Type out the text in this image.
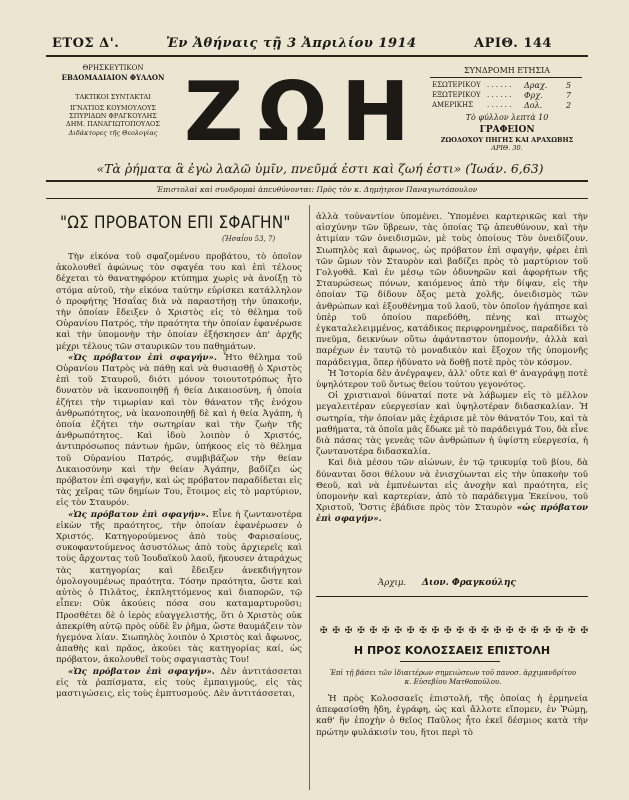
ΕΤΟΣ Δ'.	Ἐν Ἀθήναις τῇ 3 Ἀπριλίου 1914	ΑΡΙΘ. 144
ΘΡΗΣΚΕΥΤΙΚΟΝ
ΕΒΔΟΜΑΔΙΑΙΟΝ ΦΥΛΛΟΝ
ΤΑΚΤΙΚΟΙ ΣΥΝΤΑΚΤΑΙ
ΙΓΝΑΤΙΟΣ ΚΟΥΜΟΥΛΟΥΣ
ΣΠΥΡΙΔΩΝ ΦΡΑΓΚΟΥΛΗΣ
ΔΗΜ. ΠΑΝΑΓΙΩΤΟΠΟΥΛΟΣ
Διδάκτορες τῆς Θεολογίας ΖΩΗ	ΣΥΝΔΡΟΜΗ ΕΤΗΣΙΑ
ΕΣΩΤΕΡΙΚΟΥ . . . . . . Δραχ. 5
ΕΞΩΤΕΡΙΚΟΥ . . . . . . Φρχ.	7
ΑΜΕΡΙΚΗΣ . . . . . . Δολ.	2
Τὸ φύλλον λεπτὰ 10
ΓΡΑΦΕΙΟΝ
ΖΩΟΔΟΧΟΥ ΠΗΓΗΣ ΚΑΙ ΑΡΑΧΩΒΗΣ
ΑΡΙΘ. 30.
«Τὰ ῥήματα ἃ ἐγὼ λαλῶ ὑμῖν, πνεῦμά ἐστι καὶ ζωή ἐστι» (Ἰωάν. 6,63)
Ἐπιστολαὶ καὶ συνδρομαὶ ἀπευθύνονται: Πρὸς τὸν κ. Δημήτριον Παναγιωτόπουλον
"ΩΣ ΠΡΟΒΑΤΟΝ ΕΠΙ ΣΦΑΓΗΝ"
(Ἡσαΐου 53, 7)

Τὴν εἰκόνα τοῦ σφαζομένου προβάτου, τὸ ὁποῖον ἀκολουθεῖ ἀφώνως τὸν σφαγέα του καὶ ἐπὶ τέλους δέχεται τὸ θανατηφόρον κτύπημα χωρὶς νὰ ἀνοίξῃ τὸ στόμα αὐτοῦ, τὴν εἰκόνα ταύτην εὑρίσκει κατάλληλον ὁ προφήτης Ἡσαΐας διὰ νὰ παραστήσῃ τὴν ὑπακοήν, τὴν ὁποίαν ἔδειξεν ὁ Χριστὸς εἰς τὸ θέλημα τοῦ Οὐρανίου Πατρός, τὴν πραότητα τὴν ὁποίαν ἐφανέρωσε καὶ τὴν ὑπομονὴν τὴν ὁποίαν ἐξήσκησεν ἀπ' ἀρχῆς μέχρι τέλους τῶν σταυρικῶν του παθημάτων.

«Ὡς πρόβατον ἐπὶ σφαγήν». Ἦτο θέλημα τοῦ Οὐρανίου Πατρὸς νὰ πάθῃ καὶ νὰ θυσιασθῇ ὁ Χριστὸς ἐπὶ τοῦ Σταυροῦ, διότι μόνον τοιουτοτρόπως ἦτο δυνατὸν νὰ ἱκανοποιηθῇ ἡ θεία Δικαιοσύνη, ἡ ὁποία ἐζήτει τὴν τιμωρίαν καὶ τὸν θάνατον τῆς ἐνόχου ἀνθρωπότητος, νὰ ἱκανοποιηθῇ δὲ καὶ ἡ θεία Ἀγάπη, ἡ ὁποία ἐζήτει τὴν σωτηρίαν καὶ τὴν ζωὴν τῆς ἀνθρωπότητος. Καὶ ἰδοὺ λοιπὸν ὁ Χριστός, ἀντιπρόσωπος πάντων ἡμῶν, ὑπήκοος εἰς τὸ θέλημα τοῦ Οὐρανίου Πατρός, συμβιβάζων τὴν θείαν Δικαιοσύνην καὶ τὴν θείαν Ἀγάπην, βαδίζει ὡς πρόβατον ἐπὶ σφαγήν, καὶ ὡς πρόβατον παραδίδεται εἰς τὰς χεῖρας τῶν δημίων Του, ἕτοιμος εἰς τὸ μαρτύριον, εἰς τὸν Σταυρόν.

«Ὡς πρόβατον ἐπὶ σφαγήν». Εἶνε ἡ ζωντανοτέρα εἰκὼν τῆς πραότητος, τὴν ὁποίαν ἐφανέρωσεν ὁ Χριστός. Κατηγορούμενος ἀπὸ τοὺς Φαρισαίους, συκοφαντούμενος ἀσυστόλως ἀπὸ τοὺς ἀρχιερεῖς καὶ τοὺς ἄρχοντας τοῦ Ἰουδαϊκοῦ λαοῦ, ἤκουσεν ἀταράχως τὰς κατηγορίας καὶ ἔδειξεν ἀνεκδιήγητον ὁμολογουμένως πραότητα. Τόσην πραότητα, ὥστε καὶ αὐτὸς ὁ Πιλᾶτος, ἐκπληττόμενος καὶ διαπορῶν, τῷ εἶπεν: Οὐκ ἀκούεις πόσα σου καταμαρτυροῦσι; Προσθέτει δὲ ὁ ἱερὸς εὐαγγελιστής, ὅτι ὁ Χριστὸς οὐκ ἀπεκρίθη αὐτῷ πρὸς οὐδὲ ἓν ῥῆμα, ὥστε θαυμάζειν τὸν ἡγεμόνα λίαν. Σιωπηλὸς λοιπὸν ὁ Χριστὸς καὶ ἄφωνος, ἀπαθὴς καὶ πρᾶος, ἀκούει τὰς κατηγορίας καί, ὡς πρόβατον, ἀκολουθεῖ τοὺς σφαγιαστὰς Του!

«Ὡς πρόβατον ἐπὶ σφαγήν». Δὲν ἀντιτάσσεται εἰς τὰ ῥαπίσματα, εἰς τοὺς ἐμπαιγμούς, εἰς τὰς μαστιγώσεις, εἰς τοὺς ἐμπτυσμούς. Δὲν ἀντιτάσσεται,

ἀλλὰ τοὐναντίον ὑπομένει. Ὑπομένει καρτερικῶς καὶ τὴν αἰσχύνην τῶν ὕβρεων, τὰς ὁποίας Τῷ ἀπευθύνουν, καὶ τὴν ἀτιμίαν τῶν ὀνειδισμῶν, μὲ τοὺς ὁποίους Τὸν ὀνειδίζουν. Σιωπηλὸς καὶ ἄφωνος, ὡς πρόβατον ἐπὶ σφαγήν, φέρει ἐπὶ τῶν ὤμων τὸν Σταυρὸν καὶ βαδίζει πρὸς τὸ μαρτύριον τοῦ Γολγοθᾶ. Καὶ ἐν μέσῳ τῶν ὀδυνηρῶν καὶ ἀφορήτων τῆς Σταυρώσεως πόνων, καιόμενος ἀπὸ τὴν δίψαν, εἰς τὴν ὁποίαν Τῷ δίδουν ὄξος μετὰ χολῆς, ὀνειδισμὸς τῶν ἀνθρώπων καὶ ἐξουθένημα τοῦ λαοῦ, τὸν ὁποῖον ἠγάπησε καὶ ὑπὲρ τοῦ ὁποίου παρεδόθη, πένης καὶ πτωχὸς ἐγκαταλελειμμένος, κατάδικος περιφρονημένος, παραδίδει τὸ πνεῦμα, δεικνύων οὕτω ἀφάνταστον ὑπομονήν, ἀλλὰ καὶ παρέχων ἐν ταυτῷ τὸ μοναδικὸν καὶ ἔξοχον τῆς ὑπομονῆς παράδειγμα, ὅπερ ἠδύνατο νὰ δοθῇ ποτὲ πρὸς τὸν κόσμον.

Ἡ Ἱστορία δὲν ἀνέγραψεν, ἀλλ' οὔτε καὶ θ' ἀναγράψῃ ποτὲ ὑψηλότερον τοῦ ὄντως θείου τούτου γεγονότος.

Οἱ χριστιανοὶ δύναταί ποτε νὰ λάβωμεν εἰς τὸ μέλλον μεγαλειτέραν εὐεργεσίαν καὶ ὑψηλοτέραν διδασκαλίαν. Ἡ σωτηρία, τὴν ὁποίαν μᾶς ἐχάρισε μὲ τὸν θάνατόν Του, καὶ τὰ μαθήματα, τὰ ὁποῖα μᾶς ἔδωκε μὲ τὸ παράδειγμά Του, δὰ εἶνε διὰ πάσας τὰς γενεὰς τῶν ἀνθρώπων ἡ ὑψίστη εὐεργεσία, ἡ ζωντανοτέρα διδασκαλία.

Καὶ διὰ μέσου τῶν αἰώνων, ἐν τῷ τρικυμίᾳ τοῦ βίου, δὰ δύνανται ὅσοι θέλουν νὰ ἐνισχύωνται εἰς τὴν ὑπακοὴν τοῦ Θεοῦ, καὶ νὰ ἐμπνέωνται εἰς ἀνοχὴν καὶ πραότητα, εἰς ὑπομονὴν καὶ καρτερίαν, ἀπὸ τὸ παράδειγμα Ἐκείνου, τοῦ Χριστοῦ, Ὅστις ἐβάδισε πρὸς τὸν Σταυρὸν «ὡς πρόβατον ἐπὶ σφαγήν».

Ἀρχιμ. Διον. Φραγκούλης
✠ ✠ ✠ ✠ ✠ ✠ ✠ ✠ ✠ ✠ ✠ ✠ ✠ ✠ ✠ ✠ ✠ ✠ ✠ ✠ ✠ ✠
Η ΠΡΟΣ ΚΟΛΟΣΣΑΕΙΣ ΕΠΙΣΤΟΛΗ
Ἐπὶ τῇ βάσει τῶν ἰδιαιτέρων σημειώσεων τοῦ πανοσ. ἀρχιμανδρίτου κ. Εὐσεβίου Ματθοπούλου.

Ἡ πρὸς Κολοσσαεῖς ἐπιστολή, τῆς ὁποίας ἡ ἑρμηνεία ἀπεφασίσθη ἤδη, ἐγράφη, ὡς καὶ ἄλλοτε εἴπομεν, ἐν Ῥώμῃ, καθ' ἣν ἐποχὴν ὁ θεῖος Παῦλος ἦτο ἐκεῖ δέσμιος κατὰ τὴν πρώτην φυλάκισίν του, ἥτοι περὶ τὸ
